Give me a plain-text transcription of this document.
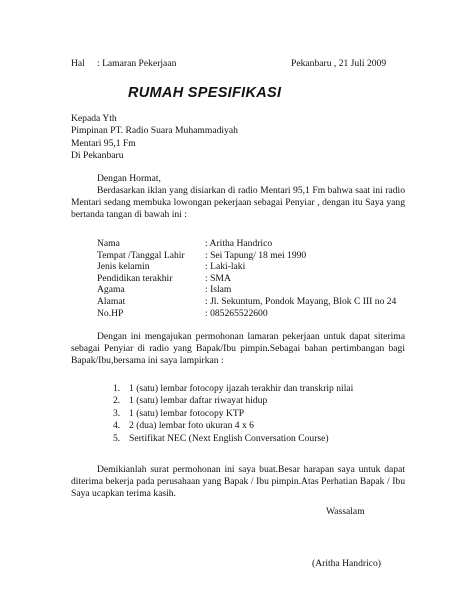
Hal : Lamaran Pekerjaan	Pekanbaru , 21 Juli 2009
RUMAH SPESIFIKASI
Kepada Yth
Pimpinan PT. Radio Suara Muhammadiyah
Mentari 95,1 Fm
Di Pekanbaru
Dengan Hormat,
Berdasarkan iklan yang disiarkan di radio Mentari 95,1 Fm bahwa saat ini radio Mentari sedang membuka lowongan pekerjaan sebagai Penyiar , dengan itu Saya yang bertanda tangan di bawah ini :
Nama	: Aritha Handrico
Tempat /Tanggal Lahir	: Sei Tapung/ 18 mei 1990
Jenis kelamin	: Laki-laki
Pendidikan terakhir	: SMA
Agama	: Islam
Alamat	: Jl. Sekuntum, Pondok Mayang, Blok C III no 24
No.HP	: 085265522600
Dengan ini mengajukan permohonan lamaran pekerjaan untuk dapat siterima sebagai Penyiar di radio yang Bapak/Ibu pimpin.Sebagai bahan pertimbangan bagi Bapak/Ibu,bersama ini saya lampirkan :
1. 1 (satu) lembar fotocopy ijazah terakhir dan transkrip nilai
2. 1 (satu) lembar daftar riwayat hidup
3. 1 (satu) lembar fotocopy KTP
4. 2 (dua) lembar foto ukuran 4 x 6
5. Sertifikat NEC (Next English Conversation Course)
Demikianlah surat permohonan ini saya buat.Besar harapan saya untuk dapat diterima bekerja pada perusahaan yang Bapak / Ibu pimpin.Atas Perhatian Bapak / Ibu Saya ucapkan terima kasih.
Wassalam
(Aritha Handrico)
